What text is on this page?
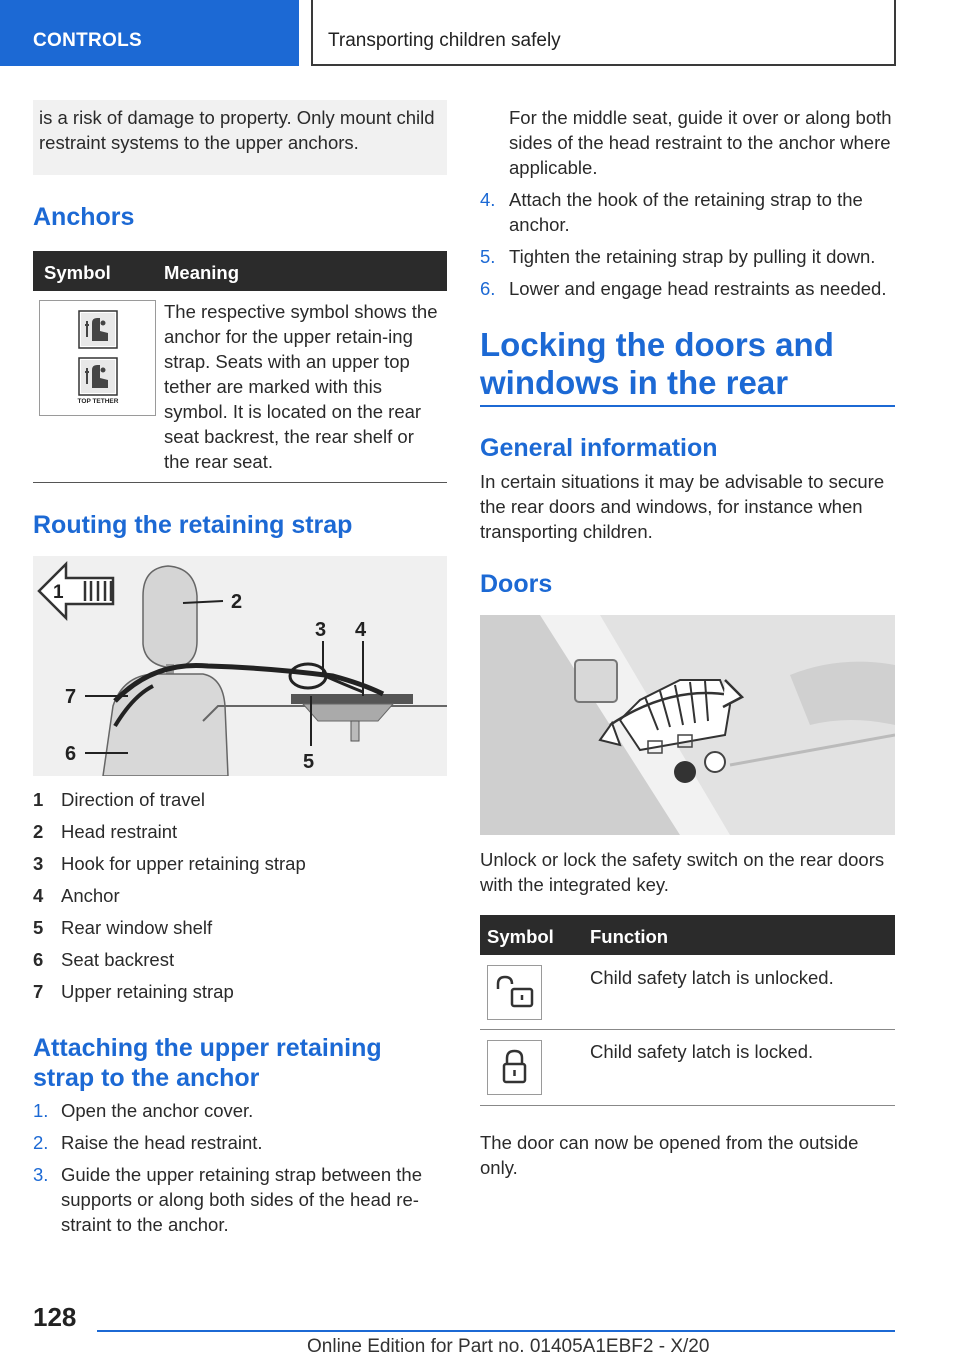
CONTROLS	Transporting children safely
is a risk of damage to property. Only mount child restraint systems to the upper anchors.
Anchors
Symbol	Meaning
TOP TETHER
The respective symbol shows the anchor for the upper retain-ing strap. Seats with an upper top tether are marked with this symbol. It is located on the rear seat backrest, the rear shelf or the rear seat.
Routing the retaining strap
2
3 4
5
6
7
1
1 Direction of travel
2 Head restraint
3 Hook for upper retaining strap
4 Anchor
5 Rear window shelf
6 Seat backrest
7 Upper retaining strap
Attaching the upper retaining
strap to the anchor
1. Open the anchor cover.
2. Raise the head restraint.
3. Guide the upper retaining strap between the supports or along both sides of the head re-straint to the anchor.
For the middle seat, guide it over or along both sides of the head restraint to the anchor where applicable.
4. Attach the hook of the retaining strap to the anchor.
5. Tighten the retaining strap by pulling it down.
6. Lower and engage head restraints as needed.
Locking the doors and
windows in the rear
General information
In certain situations it may be advisable to secure the rear doors and windows, for instance when transporting children.
Doors
Unlock or lock the safety switch on the rear doors with the integrated key.
Symbol Function
Child safety latch is unlocked.
Child safety latch is locked.
The door can now be opened from the outside only.
128
Online Edition for Part no. 01405A1EBF2 - X/20
